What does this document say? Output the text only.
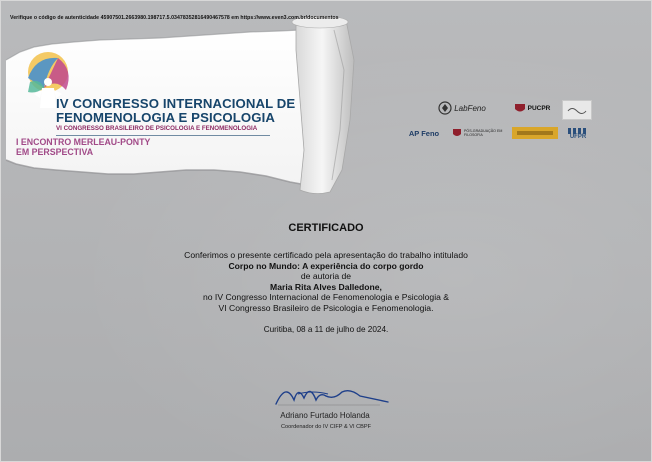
Verifique o código de autenticidade 45907501.2663980.198717.5.03478352816490467578 em https://www.even3.com.br/documentos
IV CONGRESSO INTERNACIONAL DE
FENOMENOLOGIA E PSICOLOGIA
VI CONGRESSO BRASILEIRO DE PSICOLOGIA E FENOMENOLOGIA
I ENCONTRO MERLEAU-PONTY
EM PERSPECTIVA
LabFeno	PUCPR
AP Feno	PÓS-GRADUAÇÃO EM FILOSOFIA	UFPR
CERTIFICADO
Conferimos o presente certificado pela apresentação do trabalho intitulado
Corpo no Mundo: A experiência do corpo gordo
de autoria de
Maria Rita Alves Dalledone,
no IV Congresso Internacional de Fenomenologia e Psicologia &
VI Congresso Brasileiro de Psicologia e Fenomenologia.
Curitiba, 08 a 11 de julho de 2024.
Adriano Furtado Holanda
Coordenador do IV CIFP & VI CBPF
